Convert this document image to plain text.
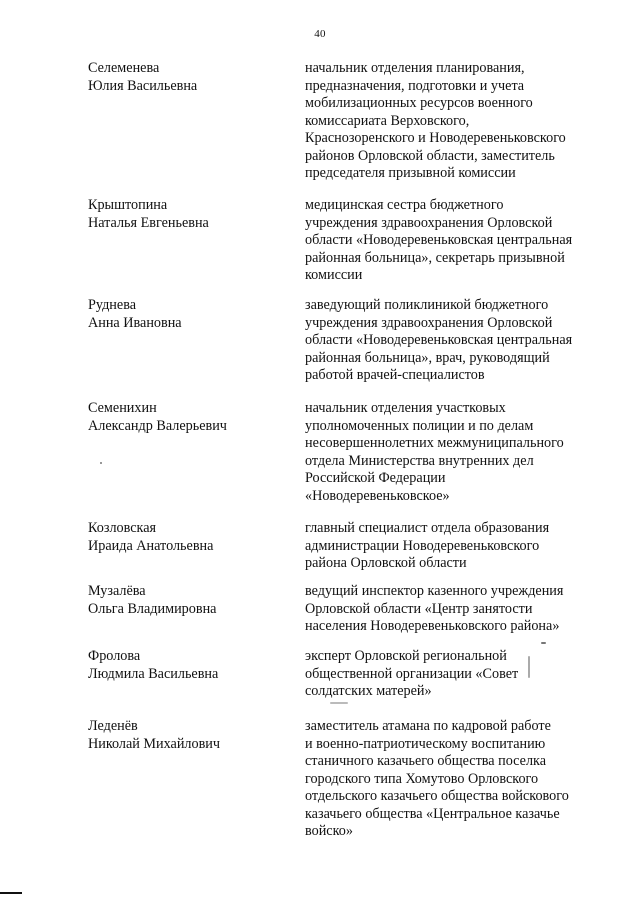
40
Селеменева
Юлия Васильевна
начальник отделения планирования,
предназначения, подготовки и учета
мобилизационных ресурсов военного
комиссариата Верховского,
Краснозоренского и Новодеревеньковского
районов Орловской области, заместитель
председателя призывной комиссии
Крыштопина
Наталья Евгеньевна
медицинская сестра бюджетного
учреждения здравоохранения Орловской
области «Новодеревеньковская центральная
районная больница», секретарь призывной
комиссии
Руднева
Анна Ивановна
заведующий поликлиникой бюджетного
учреждения здравоохранения Орловской
области «Новодеревеньковская центральная
районная больница», врач, руководящий
работой врачей-специалистов
Семенихин
Александр Валерьевич
начальник отделения участковых
уполномоченных полиции и по делам
несовершеннолетних межмуниципального
отдела Министерства внутренних дел
Российской Федерации
«Новодеревеньковское»
Козловская
Ираида Анатольевна
главный специалист отдела образования
администрации Новодеревеньковского
района Орловской области
Музалёва
Ольга Владимировна
ведущий инспектор казенного учреждения
Орловской области «Центр занятости
населения Новодеревеньковского района»
Фролова
Людмила Васильевна
эксперт Орловской региональной
общественной организации «Совет
солдатских матерей»
Леденёв
Николай Михайлович
заместитель атамана по кадровой работе
и военно-патриотическому воспитанию
станичного казачьего общества поселка
городского типа Хомутово Орловского
отдельского казачьего общества войскового
казачьего общества «Центральное казачье
войско»
